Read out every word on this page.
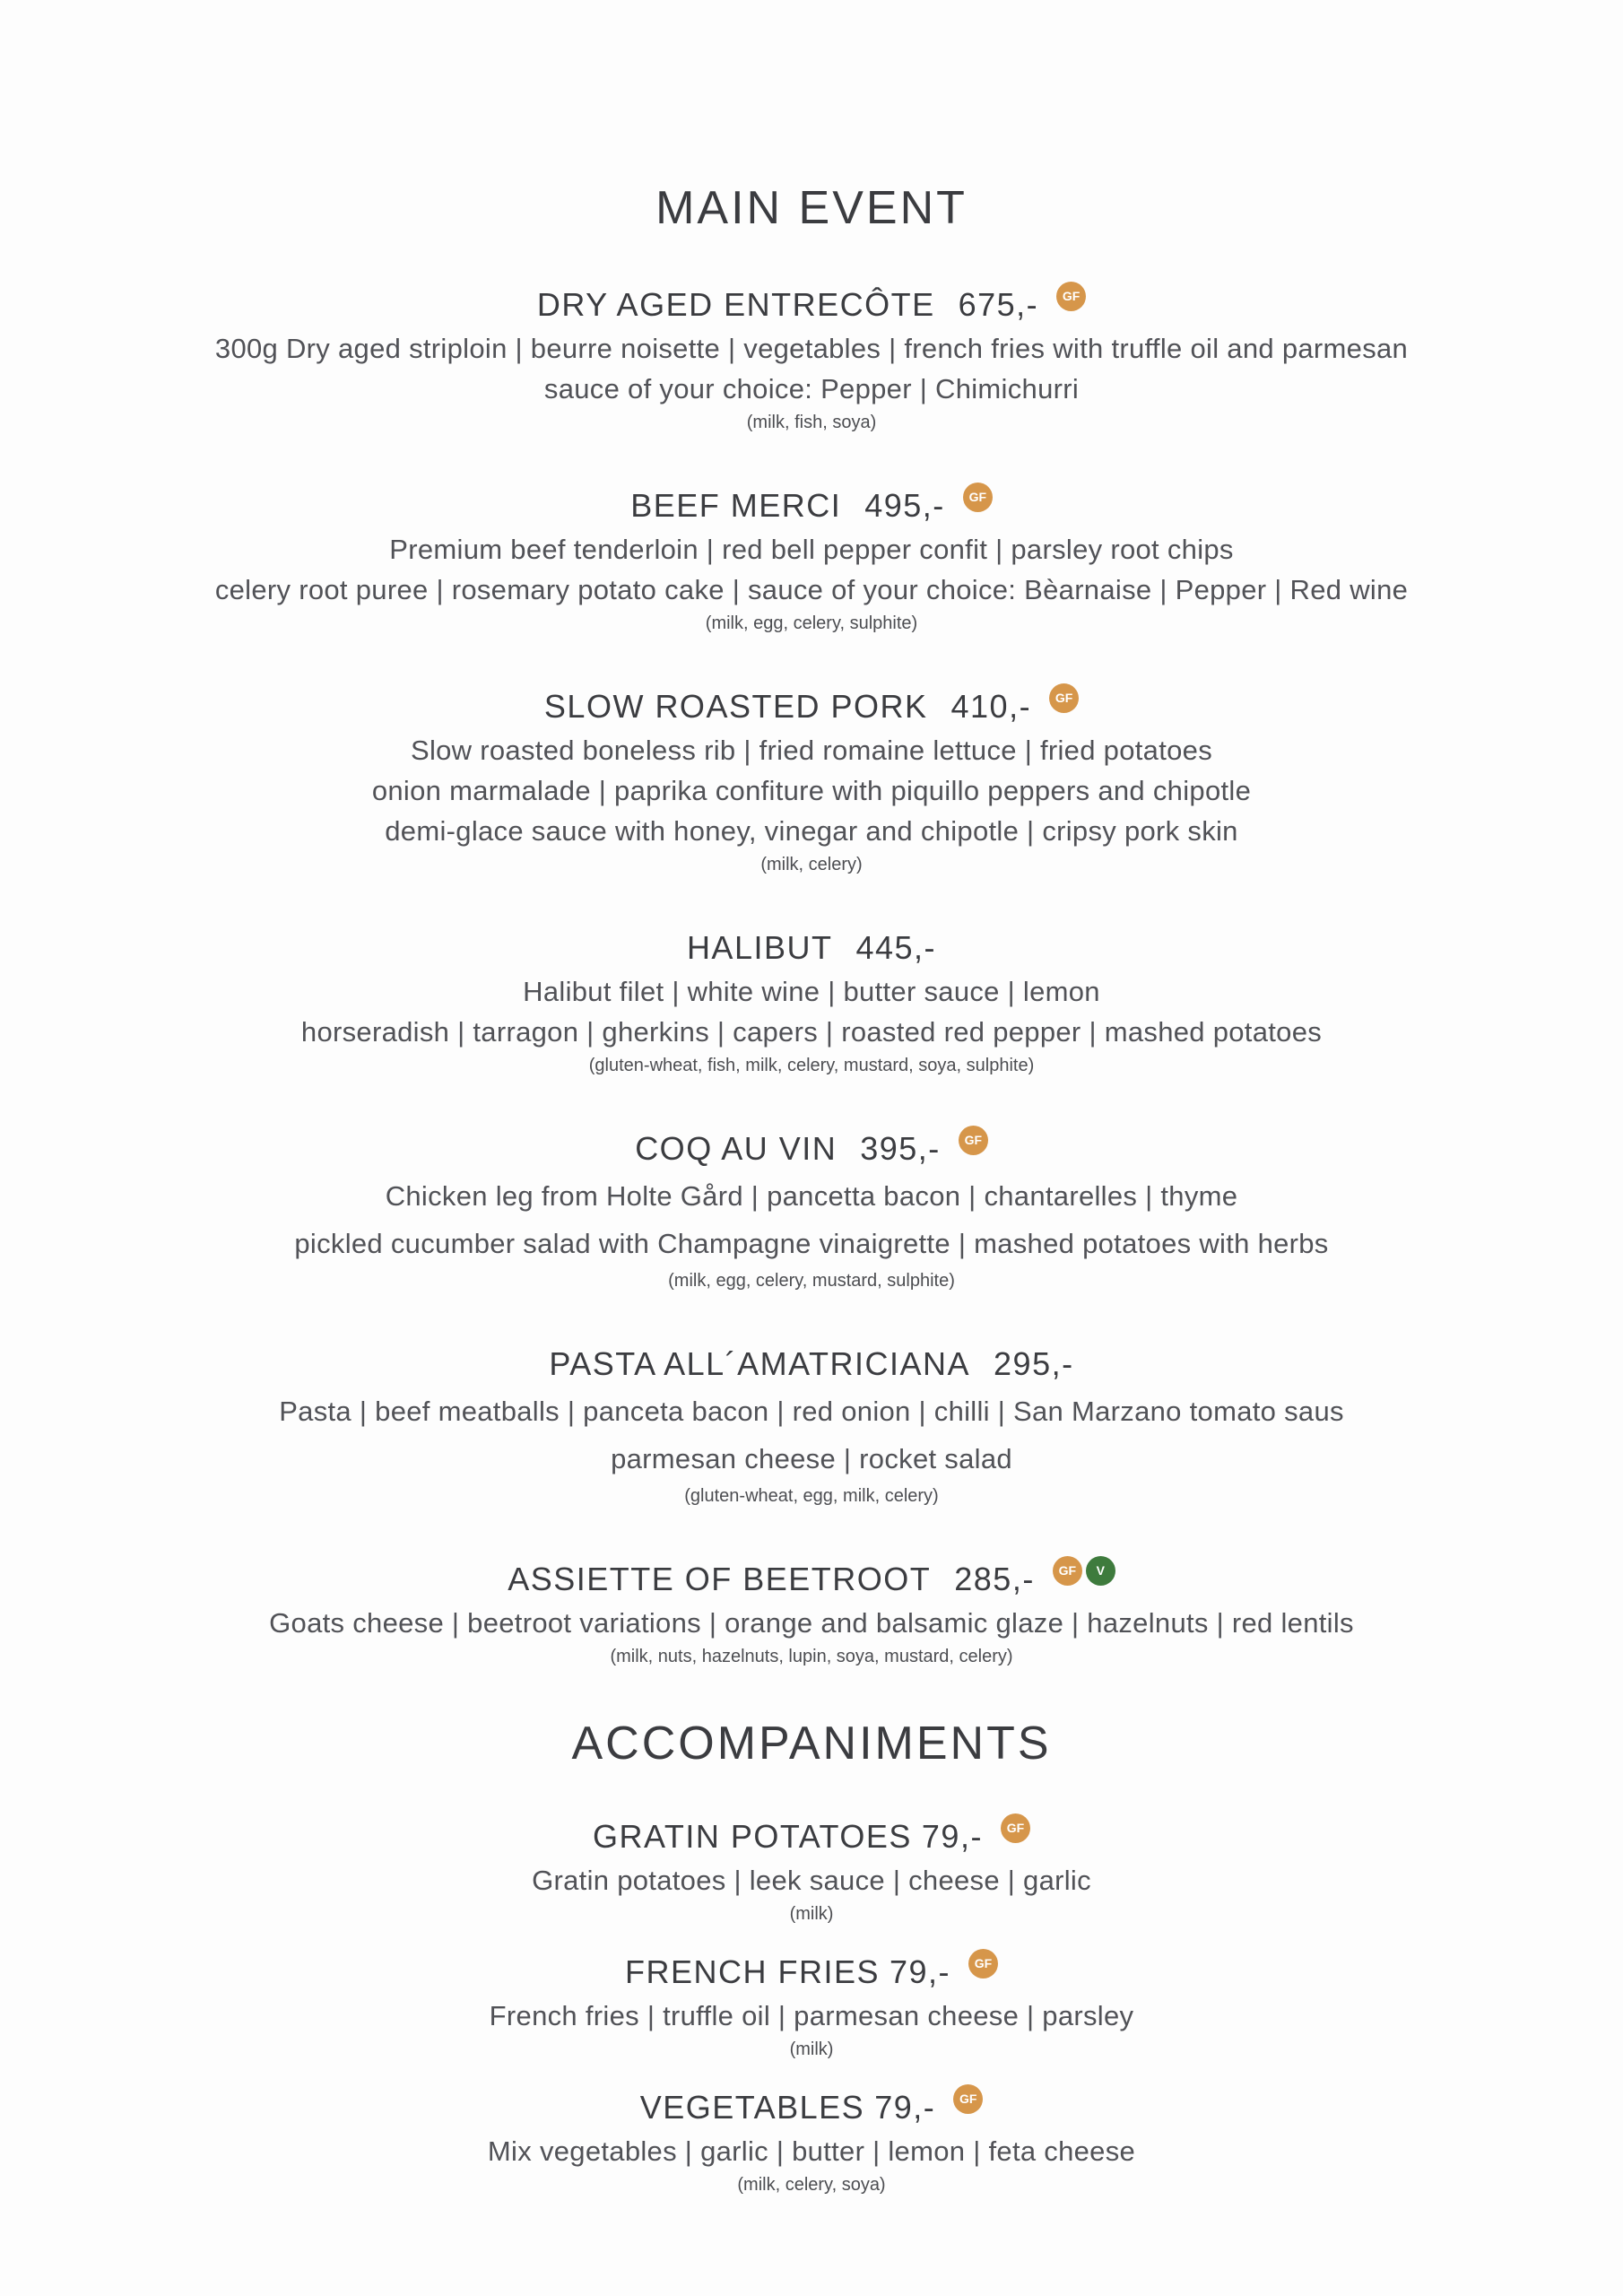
MAIN EVENT
DRY AGED ENTRECÔTE 675,- GF

300g Dry aged striploin | beurre noisette | vegetables | french fries with truffle oil and parmesan

sauce of your choice: Pepper | Chimichurri

(milk, fish, soya)

BEEF MERCI 495,- GF

Premium beef tenderloin | red bell pepper confit | parsley root chips

celery root puree | rosemary potato cake | sauce of your choice: Bèarnaise | Pepper | Red wine

(milk, egg, celery, sulphite)

SLOW ROASTED PORK 410,- GF

Slow roasted boneless rib | fried romaine lettuce | fried potatoes

onion marmalade | paprika confiture with piquillo peppers and chipotle

demi-glace sauce with honey, vinegar and chipotle | cripsy pork skin

(milk, celery)

HALIBUT 445,-

Halibut filet | white wine | butter sauce | lemon

horseradish | tarragon | gherkins | capers | roasted red pepper | mashed potatoes

(gluten-wheat, fish, milk, celery, mustard, soya, sulphite)

COQ AU VIN 395,- GF

Chicken leg from Holte Gård | pancetta bacon | chantarelles | thyme

pickled cucumber salad with Champagne vinaigrette | mashed potatoes with herbs

(milk, egg, celery, mustard, sulphite)

PASTA ALL´AMATRICIANA 295,-

Pasta | beef meatballs | panceta bacon | red onion | chilli | San Marzano tomato saus

parmesan cheese | rocket salad

(gluten-wheat, egg, milk, celery)

ASSIETTE OF BEETROOT 285,- GF V

Goats cheese | beetroot variations | orange and balsamic glaze | hazelnuts | red lentils

(milk, nuts, hazelnuts, lupin, soya, mustard, celery)

ACCOMPANIMENTS
GRATIN POTATOES 79,- GF

Gratin potatoes | leek sauce | cheese | garlic

(milk)

FRENCH FRIES 79,- GF

French fries | truffle oil | parmesan cheese | parsley

(milk)

VEGETABLES 79,- GF

Mix vegetables | garlic | butter | lemon | feta cheese

(milk, celery, soya)
